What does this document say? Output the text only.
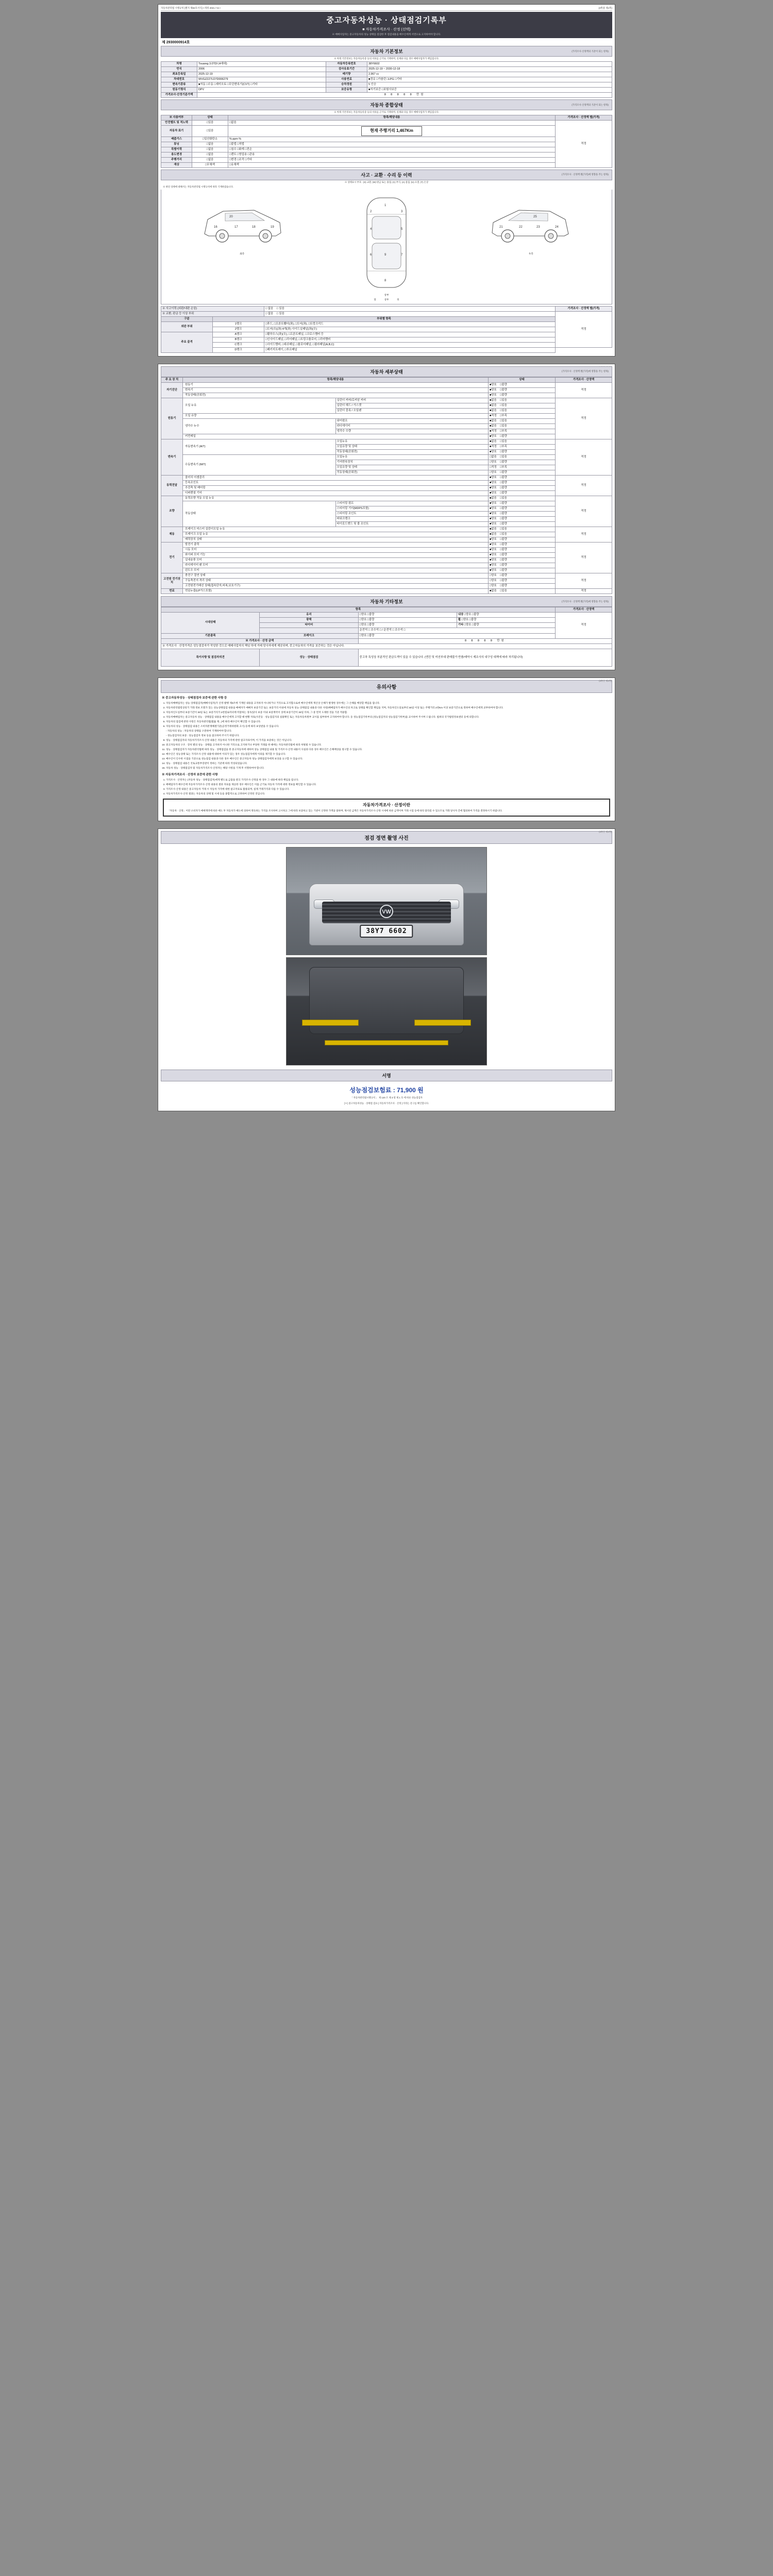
자동차관리법 시행규칙 [별지 제82호서식] <개정 2021.7.8.>	(3쪽중 제1쪽)
중고자동차성능 · 상태점검기록부
■ 자동차가격조사 · 산정 (선택)
※ 매매사업자는 중고자동차의 성능·상태를 점검한 후 점검내용을 매수인에게 서면으로 고지하여야 합니다.
제 2930000914호
자동차 기본정보	(가격조사·산정액의 기준이 되는 항목)
※ 아래 기본정보는 자동차등록증 등의 서류를 근거로 기재하며, 실제와 다를 경우 매매사업자가 책임집니다.
차명	Touareg 3.0TDI (4세대)	자동차등록번호	38Y6602
연식	2006	검사유효기간	2025-12-19 ~ 2030-12-18
최초등록일	2025-12-19	배기량	2,967 cc
차대번호	WVGZZZ7LD7D006279	사용연료	■경유 □가솔린 □LPG □기타
변속기종류	■자동 □수동 □세미오토 □무단변속기(CVT) □기타	승차정원	5 인승
원동기형식	DPV	보증유형	■자기보증 □보험사보증
가격조사·산정기준가액	0 0 0 0 0 만원		
자동차 종합상태	(가격조사·산정액의 기준이 되는 항목)
※ 아래 기본정보는 자동차등록증 등의 서류를 근거로 기재하며, 실제와 다를 경우 매매사업자가 책임집니다.
※ 사용여부	상태	항목/해당내용	가격조사 · 산정액 별(가격)
안전벨트 및 적노텍	□있음	□없음	적정
자동차 표기	□있음	현재 주행거리 1,467Km	
배출가스	□일산화탄소	% ppm %	
튜닝	□없음	□불법 □적법	
특별이력	□없음	□침수 □화재 □전손	
용도변경	□없음	□렌트 □영업용 □관용	
주행거리	□없음	□변경 □조작 □기타	
색상	□무채색	□유채색	
사고 · 교환 · 수리 등 이력	(가격조사 · 산정액 별(가격)에 영향을 주는 항목)
※ 상태표시 부호 : (X) 교환, (W) 판금 또는 용접, (C) 부식, (A) 흠집, (U) 요철, (T) 손상
※ 하단 상태에 대해서는 자동차관리법 시행규칙에 따라 기재하였습니다.
16	17	18	19
20
좌측
1
2	3
4	5
6	7
8
9
상부
21	22	23	24
25
우측
앞	상부	뒤
※ 사고이력 (외판/내판 손상)		□ 없음 □ 있음	가격조사 · 산정액 별(가격)
※ 교환, 판금 등 이상 부위		□ 없음 □ 있음	적정
구분	부위별 항목		
외판 부위	1랭크	□후드, □프론트휀더(좌), □도어(좌), □트렁크리드	
	2랭크	□도어(우)(좌) 4개(좌) 사이드실패널(좌)(우)	
주요 골격	A랭크	□휠하우스(좌)(우), □프론트패널, □크로스멤버 등	
	B랭크	□인사이드패널, □리어패널, □트렁크플로어, □리어멤버	
	C랭크	□사이드멤버, □대쉬패널, □플로어패널, □필라패널(A,B,C)	
	D랭크	□패키지트레이, □루프패널	
자동차 세부상태	(가격조사 · 산정액 별(가격)에 영향을 주는 항목)
주 요 장 치	항목/해당내용		상태	가격조사 · 산정액
자기진단	원동기		■양호 □불량	적정
	변속기		■양호 □불량	
	작동상태(공회전)		■양호 □불량	
원동기	오일 누유	실린더 커버/로커암 커버	■없음 □있음	적정
		실린더 헤드 / 가스켓	■없음 □있음	
		실린더 블록 / 오일팬	■없음 □있음	
	오일 유량		■적정 □부족	
	냉각수 누수	워터펌프	■없음 □있음	
		라디에이터	■없음 □있음	
		냉각수 수량	■적정 □부족	
	커먼레일		■양호 □불량	
변속기	자동변속기 (A/T)	오일누유	■없음 □있음	적정
		오일유량 및 상태	■적정 □부족	
		작동상태(공회전)	■양호 □불량	
	수동변속기 (M/T)	오일누유	□없음 □있음	
		기어변속장치	□양호 □불량	
		오일유량 및 상태	□적정 □부족	
		작동상태(공회전)	□양호 □불량	
동력전달	클러치 어셈블리		■양호 □불량	적정
	등속조인트		■양호 □불량	
	추진축 및 베어링		■양호 □불량	
	디퍼렌셜 기어		■양호 □불량	
조향	동력조향 작동 오일 누유		■없음 □있음	적정
	작동상태	스티어링 펌프	■양호 □불량	
		스티어링 기어(MDPS포함)	■양호 □불량	
		스티어링 조인트	■양호 □불량	
		파워크랭크	■양호 □불량	
		타이로드엔드 및 볼 조인트	■양호 □불량	
제동	브레이크 마스터 실린더오일 누유		■없음 □있음	적정
	브레이크 오일 누유		■없음 □있음	
	배력장치 상태		■양호 □불량	
전기	발전기 출력		■양호 □불량	적정
	시동 모터		■양호 □불량	
	와이퍼 모터 기능		■양호 □불량	
	실내송풍 모터		■양호 □불량	
	라디에이터 팬 모터		■양호 □불량	
	윈도우 모터		■양호 □불량	
고전원 전기장치	충전구 절연 상태		□양호 □불량	적정
	구동축전지 격리 상태		□양호 □불량	
	고전원전기배선 상태(접속단자,피복,보호기구)		□양호 □불량	
연료	연료누출(LP가스포함)		■없음 □있음	적정
자동차 기타정보	(가격조사 · 산정액 별(가격)에 영향을 주는 항목)
항목				가격조사 · 산정액
시대상태	유리	□양호 □불량	내장 □양호 □불량	적정
	광택	□양호 □불량	휠 □양호 □불량	
	타이어	□양호 □불량	기타 □양호 □불량	
		운전석 □ 조수석 □ / 운전석 □ 조수석 □		
기본품목	브레이크	□양호 □불량		
※ 가격조사 · 산정 금액		0 0 0 0 0 만원		
※ 가격조사 · 산정가격은 성능점검자가 작성한 것으로 매매사업자의 책임 하에 거래 당사자에게 제공되며, 중고자동차의 가격을 보증하는 것은 아닙니다.				
특이사항 및 점검자의견	성능 · 상태점검	중고차 특성상 부분적인 판금도색이 있을 수 있습니다. (엔진 및 미션부대 판매불가 반품/예약시 제조사의 내구성 대책에 따라 처리됩니다)		
(3쪽중 제1쪽)
유의사항
※ 중고자동차성능 · 상태점검자 보증에 관한 사항 등
1. 자동차매매업자는 성능·상태점검자(매매사업자)가 산정·발행 제3조에 기재된 내용을 고지하지 아니하거나 거짓으로 고지함으로써 매수인에게 재산상 손해가 발생한 경우에는 그 손해를 배상할 책임을 집니다.
2. 자동차관리법령상의거 거래 정보 조회가 있는 성능상태점검 내용을 매매자가 매매자 보증기간 또는 보증거리 이내에 자동차 성능·상태점검 내용과 다른 사항(매매업자가 매수인의 차고로 상태를 확인할 책임을 지며, 자동차인도일로부터 30일 이상 또는 주행거리 2천Km 이상 보증기간으로 정하여 매수인에게 교부하여야 합니다.
3. 자동차인도일부터 보증기간이 30일 또는 보증거리가 2천킬로미터에 미달하는 경우(당사 보증 이내 보증계약서 상에 보증기간이 30일 이하, 그 중 먼저 도래한 것을 기준 적용함.
4. 자동차매매업자는 중고자동차 성능 · 상태점검 내용을 매수인에게 고지할 때 현황 자료(사진등 · 성능점검지의 실물확인 또는 자동차등록원부 교시를 첨부하여 고지하여야 합니다. 동 성능점검기록부의 (성능점검지의 성능점검기록부)를 교시하여 주시며 드립니다. 범위의 국가법령정보센터 등에 의합니다.
5. 자동차의 점검에 관한 사항은 자동차관리법(법률 제...)에 따라 매수인이 확인할 수 있습니다.
6. 자동차의 성능 · 상태점검 내용은 소비자분쟁해결기준(공정거래위원회 고시) 등에 따라 보상받을 수 있습니다.
- 자동차의 성능 : 자동차의 상태를 구분하여 기재하여야 합니다.
- 성능점검자의 보증 : 성능점검자 정보 등을 참고하여 주시기 바랍니다.
9. 성능 · 상태점검자의 자동차가격조사·산정 내용은 자동차의 가격에 관한 참고자료이며, 이 가격을 보증하는 것은 아닙니다.
10. 중고자동차의 구조 · 장치 별의 성능 · 상태를 고지하지 아니한 거짓으로 고지하거나 부당한 거래를 한 때에는 자동차관리법에 따라 처벌될 수 있습니다.
11. 성능 · 상태점검자가 자동차관리법에 따라 성능 · 상태점검을 한 중고자동차에 대하여 성능 상태점검 내용 및 가격조사·산정 내용이 사실과 다른 경우 매수인은 손해배상을 청구할 수 있습니다.
12. 매수인은 성능상태 또는 가격조사·산정 내용에 대하여 이의가 있는 경우 성능점검자에게 이의를 제기할 수 있습니다.
13. 매수인이 인수한 시점을 기준으로 성능점검 내용과 다른 경우 매수인은 중고자동차 성능·상태점검자에게 보상을 요구할 수 있습니다.
14. 성능 · 상태점검 내용은 국토교통부장관이 정하는 기준에 따라 작성되었습니다.
15. 자동차 성능 · 상태점검자 및 자동차가격조사·산정자는 해당 사항을 기재 후 서명하여야 합니다.
※ 자동차가격조사 · 산정자 보증에 관한 사항
1. 가격조사 · 산정자는 (자동차 성능 · 상태점검자)에게 별도로 금품을 받고 가격조사·산정을 한 경우 그 내용에 따라 책임을 집니다.
2. 매매업자가 매수인에 자동차가격조사·산정 내용의 결과 자료를 제공한 경우 매수인은 이를 근거로 자동차 가격에 대한 정보를 확인할 수 있습니다.
3. 가격조사·산정 내용은 중고자동차 거래 시 자동차 가격에 대한 참고자료로 활용되며, 실제 거래가격과 다를 수 있습니다.
4. 자동차가격조사·산정 결과는 자동차의 상태 및 시세 등을 종합적으로 고려하여 산정된 것입니다.
자동차가격조사 · 산정이란
「자동차 · 산정」이란 소비자가 매매계약에 따른 매도 후 자동차가 매도에 의하여 취득하는 가격을 조사하여 고시하고 그에 따라 보증하고 있는 기관이 산정한 가액을 말하며, 제시된 금액은 자동차가격조사·산정 시세에 따른 금액이며 거래 시점 등에 따라 달라질 수 있으므로 거래 당사자 간에 협의하여 가격을 결정하시기 바랍니다.
(3쪽중 제1쪽)
점검 정면 촬영 사진
VW
38Y7 6602
서명
성능점검보험료 : 71,900 원
「 자동차관리법시행규칙 」 제 120 조 제 3 항 제 1 호 에 따른 성능점검자
[ Y ] 중고차동차성능 · 상태점 검표 [ 자동차가격조사 · 산정 ] 이라는 문구를 확인합니다.
